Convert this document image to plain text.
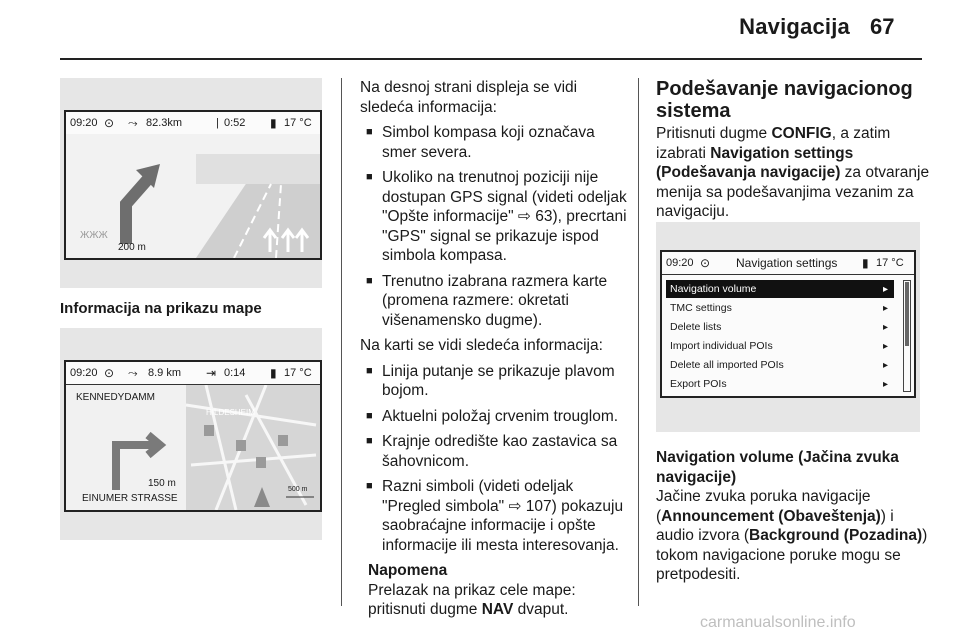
Navigacija 67
09:20 ⊙ ⤳ 82.3km	| 0:52 ▮ 17 °C
ЖЖЖ
200 m
Informacija na prikazu mape
09:20 ⊙ ⤳ 8.9 km ⇥ 0:14 ▮ 17 °C
KENNEDYDAMM
HILDESHEIM
150 m
EINUMER STRASSE
500 m

Na desnoj strani displeja se vidi sledeća informacija:

■ Simbol kompasa koji označava smer severa.

■ Ukoliko na trenutnoj poziciji nije dostupan GPS signal (videti odeljak "Opšte informacije" ⇨ 63), precrtani "GPS" signal se prikazuje ispod simbola kompasa.

■ Trenutno izabrana razmera karte (promena razmere: okretati višenamensko dugme).

Na karti se vidi sledeća informacija:

■ Linija putanje se prikazuje plavom bojom.

■ Aktuelni položaj crvenim trouglom.

■ Krajnje odredište kao zastavica sa šahovnicom.

■ Razni simboli (videti odeljak "Pregled simbola" ⇨ 107) pokazuju saobraćajne informacije i opšte informacije ili mesta interesovanja.

Napomena

Prelazak na prikaz cele mape: pritisnuti dugme NAV dvaput.

Podešavanje navigacionog sistema

Pritisnuti dugme CONFIG, a zatim izabrati Navigation settings (Podešavanja navigacije) za otvaranje menija sa podešavanjima vezanim za navigaciju.

09:20 ⊙ Navigation settings ▮ 17 °C
Navigation volume	▸
TMC settings	▸
Delete lists	▸
Import individual POIs	▸
Delete all imported POIs	▸
Export POIs	▸

Navigation volume (Jačina zvuka navigacije)

Jačine zvuka poruka navigacije (Announcement (Obaveštenja)) i audio izvora (Background (Pozadina)) tokom navigacione poruke mogu se pretpodesiti.

carmanualsonline.info
